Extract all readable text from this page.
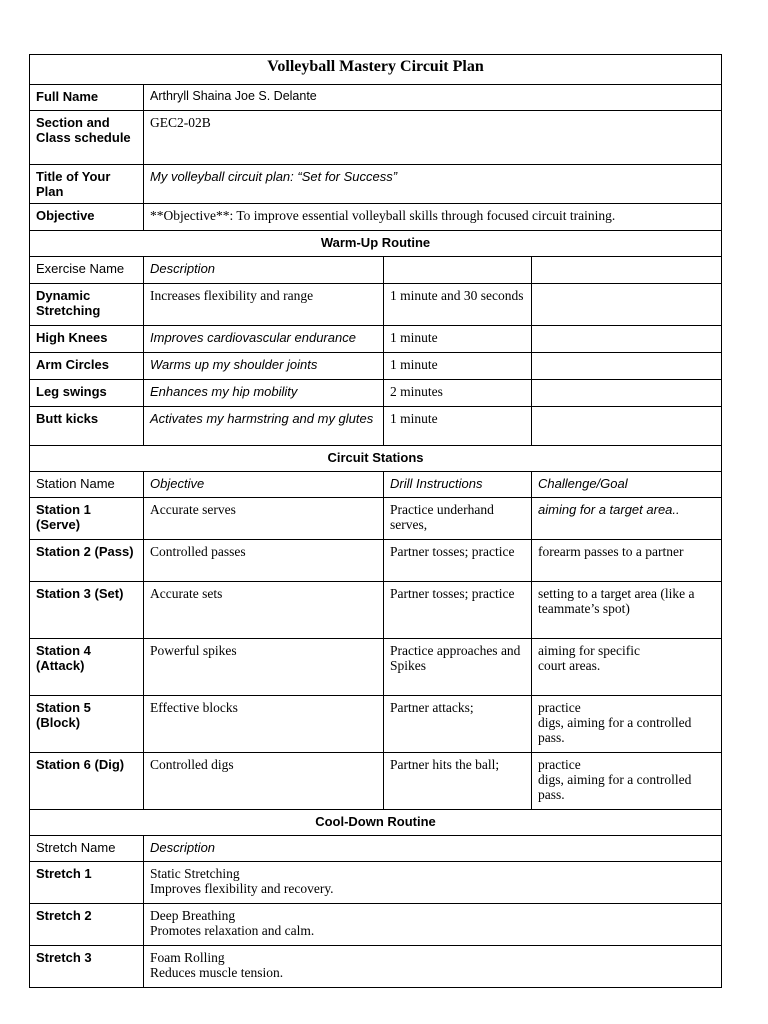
Volleyball Mastery Circuit Plan			
Full Name	Arthryll Shaina Joe S. Delante		
Section and Class schedule	GEC2-02B		
Title of Your Plan	My volleyball circuit plan: “Set for Success”		
Objective	**Objective**: To improve essential volleyball skills through focused circuit training.		
Warm-Up Routine			
Exercise Name	Description		
Dynamic Stretching	Increases flexibility and range	1 minute and 30 seconds	
High Knees	Improves cardiovascular endurance	1 minute	
Arm Circles	Warms up my shoulder joints	1 minute	
Leg swings	Enhances my hip mobility	2 minutes	
Butt kicks	Activates my harmstring and my glutes	1 minute	
Circuit Stations			
Station Name	Objective	Drill Instructions	Challenge/Goal
Station 1 (Serve)	Accurate serves	Practice underhand serves,	aiming for a target area..
Station 2 (Pass)	Controlled passes	Partner tosses; practice	forearm passes to a partner
Station 3 (Set)	Accurate sets	Partner tosses; practice	setting to a target area (like a
teammate’s spot)
Station 4 (Attack)	Powerful spikes	Practice approaches and
Spikes	aiming for specific
court areas.
Station 5 (Block)	Effective blocks	Partner attacks;	practice
digs, aiming for a controlled pass.
Station 6 (Dig)	Controlled digs	Partner hits the ball;	practice
digs, aiming for a controlled pass.
Cool-Down Routine			
Stretch Name	Description		
Stretch 1	Static Stretching
Improves flexibility and recovery.		

Stretch 2	Deep Breathing
Promotes relaxation and calm.		

Stretch 3	Foam Rolling
Reduces muscle tension.		
